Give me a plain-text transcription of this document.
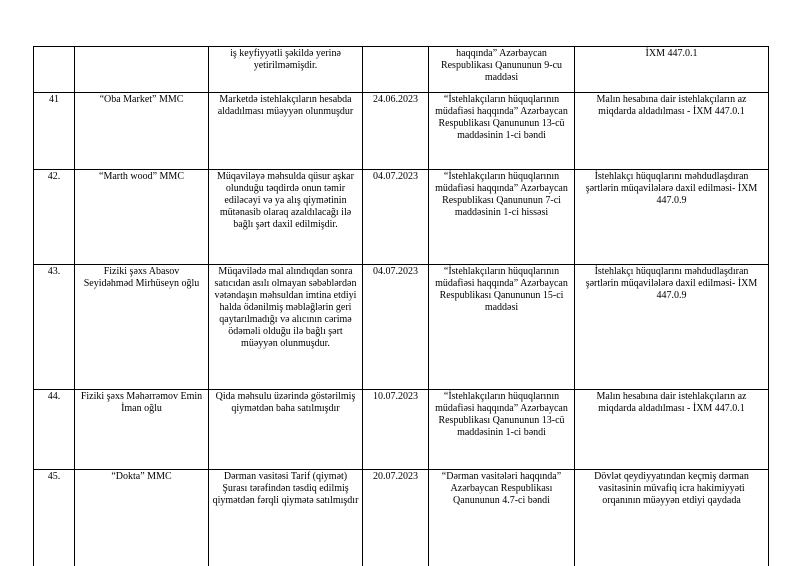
		iş keyfiyyətli şəkildə yerinə yetirilməmişdir.		haqqında” Azərbaycan Respublikası Qanununun 9-cu maddəsi	İXM 447.0.1
41	“Oba Market” MMC	Marketdə istehlakçıların hesabda aldadılması müəyyən olunmuşdur	24.06.2023	“İstehlakçıların hüquqlarının müdafiəsi haqqında” Azərbaycan Respublikası Qanununun 13-cü maddəsinin 1-ci bəndi	Malın hesabına dair istehlakçıların az miqdarda aldadılması - İXM 447.0.1
42.	“Marth wood” MMC	Müqaviləyə məhsulda qüsur aşkar olunduğu təqdirdə onun təmir ediləcəyi və ya alış qiymətinin mütənasib olaraq azaldılacağı ilə bağlı şərt daxil edilmişdir.	04.07.2023	“İstehlakçıların hüquqlarının müdafiəsi haqqında” Azərbaycan Respublikası Qanununun 7-ci maddəsinin 1-ci hissəsi	İstehlakçı hüquqlarını məhdudlaşdıran şərtlərin müqavilələrə daxil edilməsi- İXM 447.0.9
43.	Fiziki şəxs Abasov Seyidəhməd Mirhüseyn oğlu	Müqavilədə mal alındıqdan sonra satıcıdan asılı olmayan səbəblərdən vətəndaşın məhsuldan imtina etdiyi halda ödənilmiş məbləğlərin geri qaytarılmadığı və alıcının cərimə ödəməli olduğu ilə bağlı şərt müəyyən olunmuşdur.	04.07.2023	“İstehlakçıların hüquqlarının müdafiəsi haqqında” Azərbaycan Respublikası Qanununun 15-ci maddəsi	İstehlakçı hüquqlarını məhdudlaşdıran şərtlərin müqavilələrə daxil edilməsi- İXM 447.0.9
44.	Fiziki şəxs Məhərrəmov Emin İman oğlu	Qida məhsulu üzərində göstərilmiş qiymətdən baha satılmışdır	10.07.2023	“İstehlakçıların hüquqlarının müdafiəsi haqqında” Azərbaycan Respublikası Qanununun 13-cü maddəsinin 1-ci bəndi	Malın hesabına dair istehlakçıların az miqdarda aldadılması - İXM 447.0.1
45.	“Dokta” MMC	Dərman vasitəsi Tarif (qiymət) Şurası tərəfindən təsdiq edilmiş qiymətdən fərqli qiymətə satılmışdır	20.07.2023	“Dərman vasitələri haqqında” Azərbaycan Respublikası Qanununun 4.7-ci bəndi	Dövlət qeydiyyatından keçmiş dərman vasitəsinin müvafiq icra hakimiyyəti orqanının müəyyən etdiyi qaydada
